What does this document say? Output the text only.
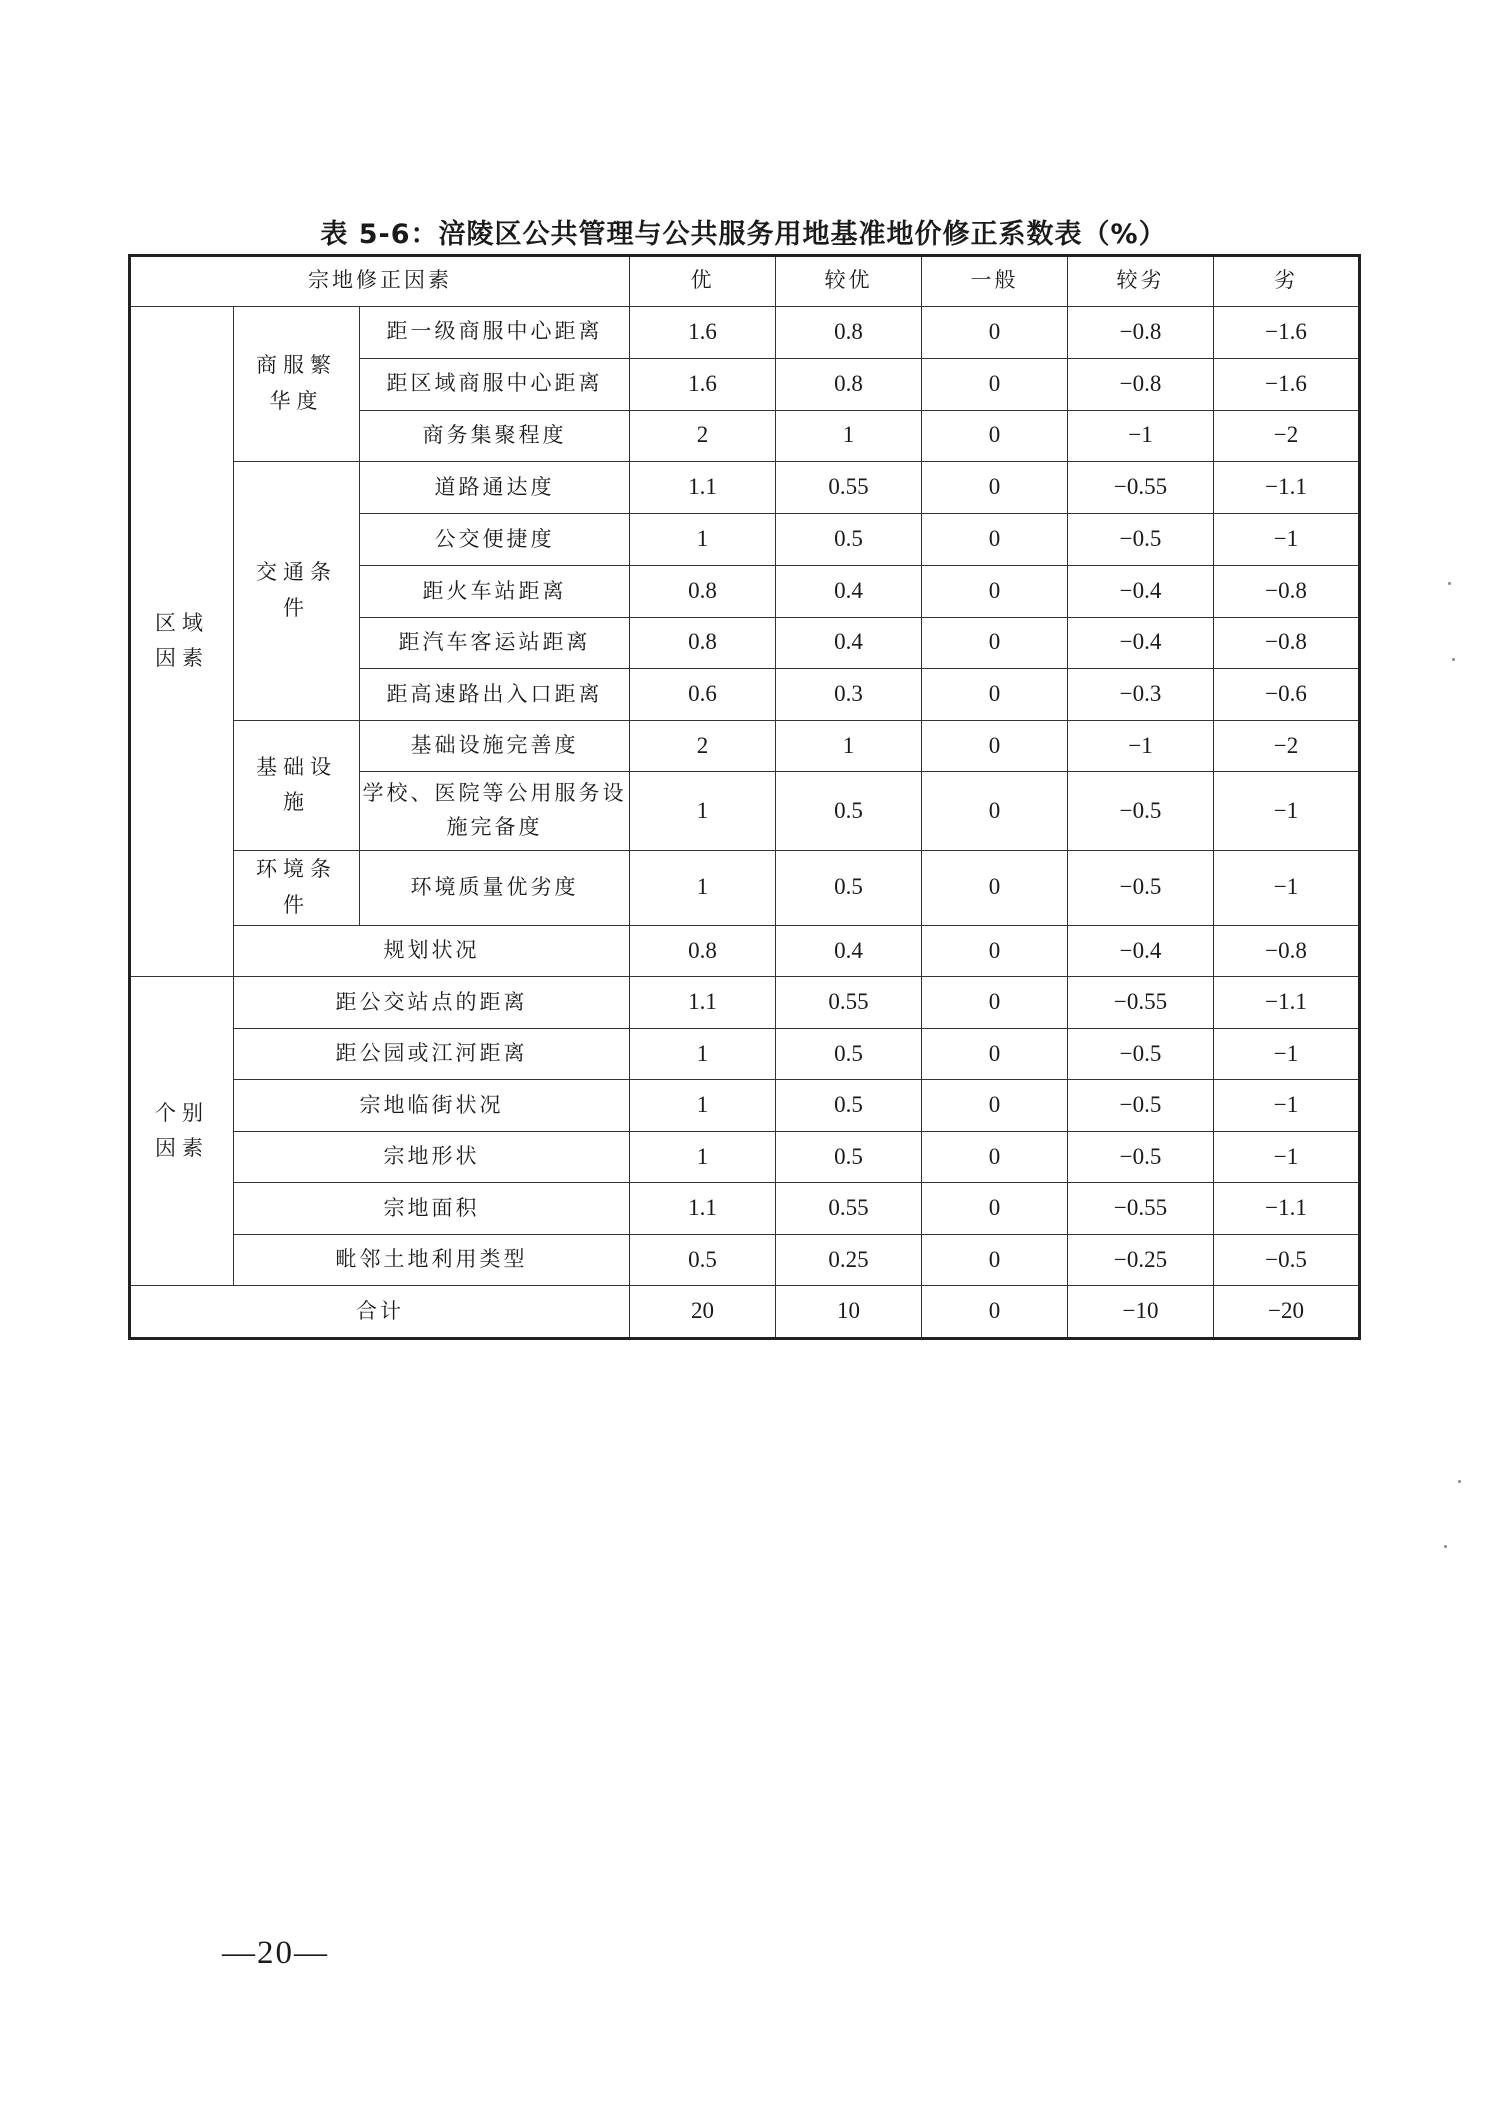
表 5-6：涪陵区公共管理与公共服务用地基准地价修正系数表（%）
宗地修正因素			优	较优	一般	较劣	劣
区域因素	商服繁华度	距一级商服中心距离	1.6	0.8	0	−0.8	−1.6
		距区域商服中心距离	1.6	0.8	0	−0.8	−1.6
		商务集聚程度	2	1	0	−1	−2
	交通条件	道路通达度	1.1	0.55	0	−0.55	−1.1
		公交便捷度	1	0.5	0	−0.5	−1
		距火车站距离	0.8	0.4	0	−0.4	−0.8
		距汽车客运站距离	0.8	0.4	0	−0.4	−0.8
		距高速路出入口距离	0.6	0.3	0	−0.3	−0.6
	基础设施	基础设施完善度	2	1	0	−1	−2
		学校、医院等公用服务设施完备度	1	0.5	0	−0.5	−1
	环境条件	环境质量优劣度	1	0.5	0	−0.5	−1
	规划状况		0.8	0.4	0	−0.4	−0.8
个别因素	距公交站点的距离		1.1	0.55	0	−0.55	−1.1
	距公园或江河距离		1	0.5	0	−0.5	−1
	宗地临街状况		1	0.5	0	−0.5	−1
	宗地形状		1	0.5	0	−0.5	−1
	宗地面积		1.1	0.55	0	−0.55	−1.1
	毗邻土地利用类型		0.5	0.25	0	−0.25	−0.5
合计			20	10	0	−10	−20
—20—
